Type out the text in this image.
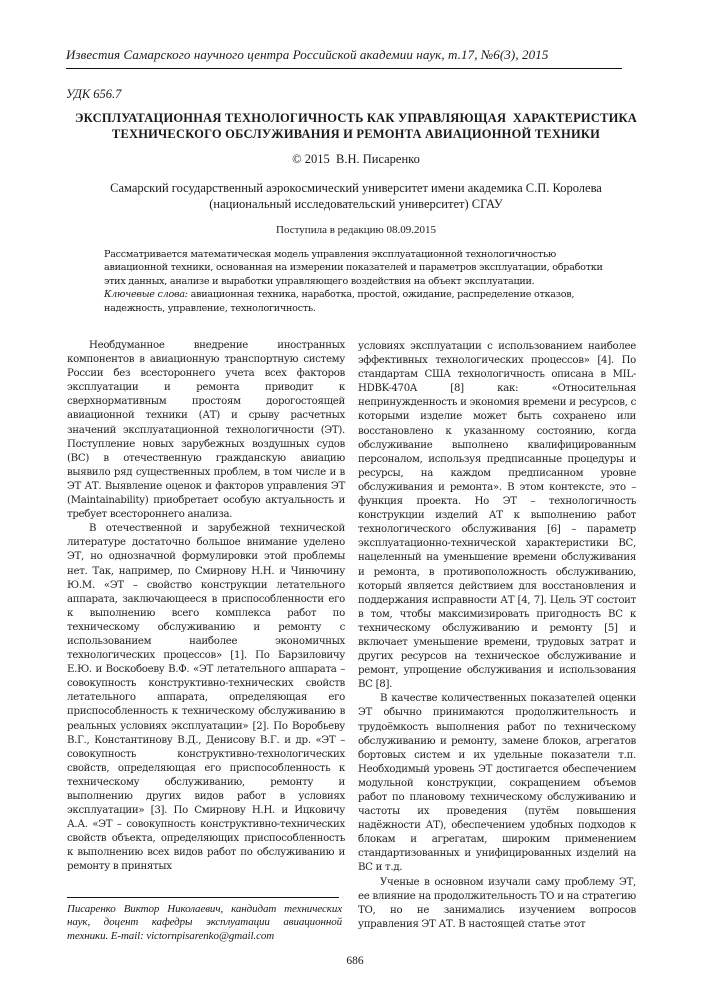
Известия Самарского научного центра Российской академии наук, т.17, №6(3), 2015
УДК 656.7
ЭКСПЛУАТАЦИОННАЯ ТЕХНОЛОГИЧНОСТЬ КАК УПРАВЛЯЮЩАЯ  ХАРАКТЕРИСТИКА
ТЕХНИЧЕСКОГО ОБСЛУЖИВАНИЯ И РЕМОНТА АВИАЦИОННОЙ ТЕХНИКИ
© 2015  В.Н. Писаренко
Самарский государственный аэрокосмический университет имени академика С.П. Королева
(национальный исследовательский университет) СГАУ
Поступила в редакцию 08.09.2015

Рассматривается математическая модель управления эксплуатационной технологичностью авиационной техники, основанная на измерении показателей и параметров эксплуатации, обработки этих данных, анализе и выработки управляющего воздействия на объект эксплуатации.

Ключевые слова: авиационная техника, наработка, простой, ожидание, распределение отказов, надежность, управление, технологичность.

Необдуманное внедрение иностранных компонентов в авиационную транспортную систему России без всестороннего учета всех факторов эксплуатации и ремонта приводит к сверхнормативным простоям дорогостоящей авиационной техники (АТ) и срыву расчетных значений эксплуатационной технологичности (ЭТ). Поступление новых зарубежных воздушных судов (ВС) в отечественную гражданскую авиацию выявило ряд существенных проблем, в том числе и в ЭТ АТ. Выявление оценок и факторов управления ЭТ (Maintainability) приобретает особую актуальность и требует всестороннего анализа.

В отечественной и зарубежной технической литературе достаточно большое внимание уделено ЭТ, но однозначной формулировки этой проблемы нет. Так, например, по Смирнову Н.Н. и Чинючину Ю.М. «ЭТ – свойство конструкции летательного аппарата, заключающееся в приспособленности его к выполнению всего комплекса работ по техническому обслуживанию и ремонту с использованием наиболее экономичных технологических процессов» [1]. По Барзиловичу Е.Ю. и Воскобоеву В.Ф. «ЭТ летательного аппарата – совокупность конструктивно-технических свойств летательного аппарата, определяющая его приспособленность к техническому обслуживанию в реальных условиях эксплуатации» [2]. По Воробьеву В.Г., Константинову В.Д., Денисову В.Г. и др. «ЭТ – совокупность конструктивно-технологических свойств, определяющая его приспособленность к техническому обслуживанию, ремонту и выполнению других видов работ в условиях эксплуатации» [3]. По Смирнову Н.Н. и Ицковичу А.А. «ЭТ – совокупность конструктивно-технических свойств объекта, определяющих приспособленность к выполнению всех видов работ по обслуживанию и ремонту в принятых

условиях эксплуатации с использованием наиболее эффективных технологических процессов» [4]. По стандартам США технологичность описана в MIL-HDBK-470A [8] как: «Относительная непринужденность и экономия времени и ресурсов, с которыми изделие может быть сохранено или восстановлено к указанному состоянию, когда обслуживание выполнено квалифицированным персоналом, используя предписанные процедуры и ресурсы, на каждом предписанном уровне обслуживания и ремонта». В этом контексте, это – функция проекта. Но ЭТ – технологичность конструкции изделий АТ к выполнению работ технологического обслуживания [6] – параметр эксплуатационно-технической характеристики ВС, нацеленный на уменьшение времени обслуживания и ремонта, в противоположность обслуживанию, который является действием для восстановления и поддержания исправности АТ [4, 7]. Цель ЭТ состоит в том, чтобы максимизировать пригодность ВС к техническому обслуживанию и ремонту [5] и включает уменьшение времени, трудовых затрат и других ресурсов на техническое обслуживание и ремонт, упрощение обслуживания и использования ВС [8].

В качестве количественных показателей оценки ЭТ обычно принимаются продолжительность и трудоёмкость выполнения работ по техническому обслуживанию и ремонту, замене блоков, агрегатов бортовых систем и их удельные показатели т.п. Необходимый уровень ЭТ достигается обеспечением модульной конструкции, сокращением объемов работ по плановому техническому обслуживанию и частоты их проведения (путём повышения надёжности АТ), обеспечением удобных подходов к блокам и агрегатам, широким применением стандартизованных и унифицированных изделий на ВС и т.д.

Ученые в основном изучали саму проблему ЭТ, ее влияние на продолжительность ТО и на стратегию ТО, но не занимались изучением вопросов управления ЭТ АТ. В настоящей статье этот

Писаренко Виктор Николаевич, кандидат технических наук, доцент кафедры эксплуатации авиационной техники. E-mail: victornpisarenko@gmail.com
686
